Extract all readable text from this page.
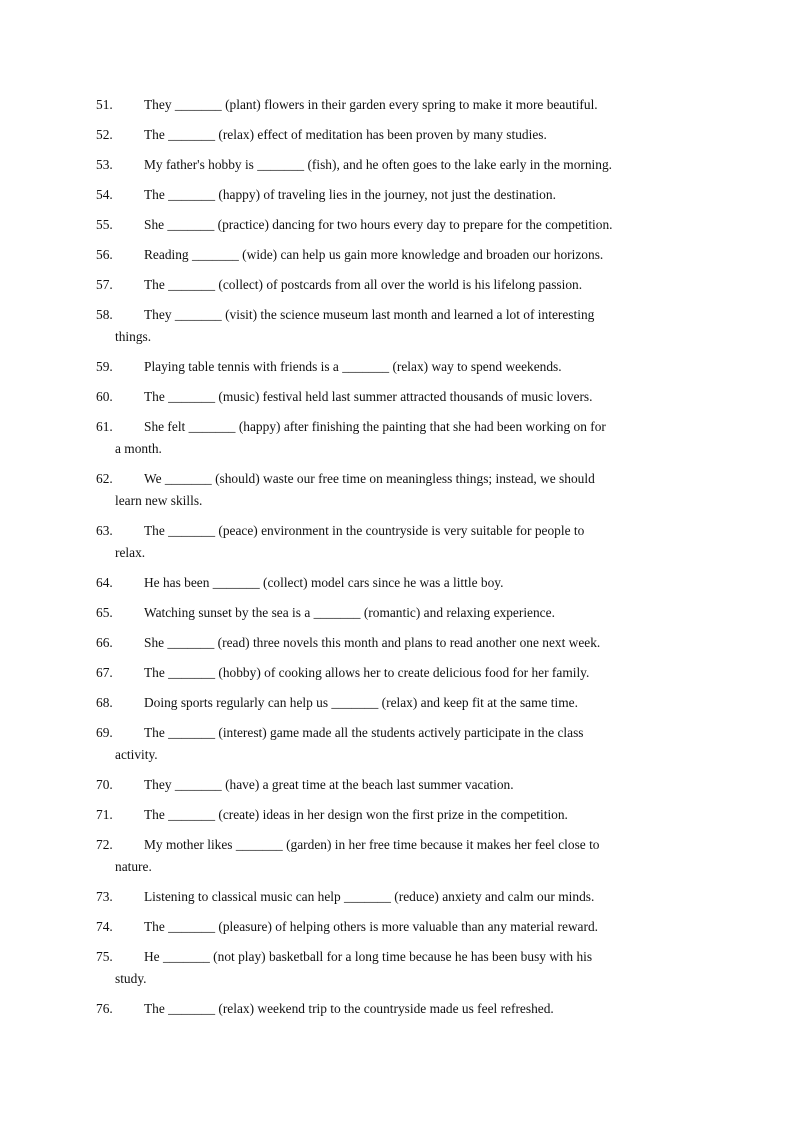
51. They _______ (plant) flowers in their garden every spring to make it more beautiful.
52. The _______ (relax) effect of meditation has been proven by many studies.
53. My father's hobby is _______ (fish), and he often goes to the lake early in the morning.
54. The _______ (happy) of traveling lies in the journey, not just the destination.
55. She _______ (practice) dancing for two hours every day to prepare for the competition.
56. Reading _______ (wide) can help us gain more knowledge and broaden our horizons.
57. The _______ (collect) of postcards from all over the world is his lifelong passion.
58. They _______ (visit) the science museum last month and learned a lot of interesting
things.
59. Playing table tennis with friends is a _______ (relax) way to spend weekends.
60. The _______ (music) festival held last summer attracted thousands of music lovers.
61. She felt _______ (happy) after finishing the painting that she had been working on for
a month.
62. We _______ (should) waste our free time on meaningless things; instead, we should
learn new skills.
63. The _______ (peace) environment in the countryside is very suitable for people to
relax.
64. He has been _______ (collect) model cars since he was a little boy.
65. Watching sunset by the sea is a _______ (romantic) and relaxing experience.
66. She _______ (read) three novels this month and plans to read another one next week.
67. The _______ (hobby) of cooking allows her to create delicious food for her family.
68. Doing sports regularly can help us _______ (relax) and keep fit at the same time.
69. The _______ (interest) game made all the students actively participate in the class
activity.
70. They _______ (have) a great time at the beach last summer vacation.
71. The _______ (create) ideas in her design won the first prize in the competition.
72. My mother likes _______ (garden) in her free time because it makes her feel close to
nature.
73. Listening to classical music can help _______ (reduce) anxiety and calm our minds.
74. The _______ (pleasure) of helping others is more valuable than any material reward.
75. He _______ (not play) basketball for a long time because he has been busy with his
study.
76. The _______ (relax) weekend trip to the countryside made us feel refreshed.
